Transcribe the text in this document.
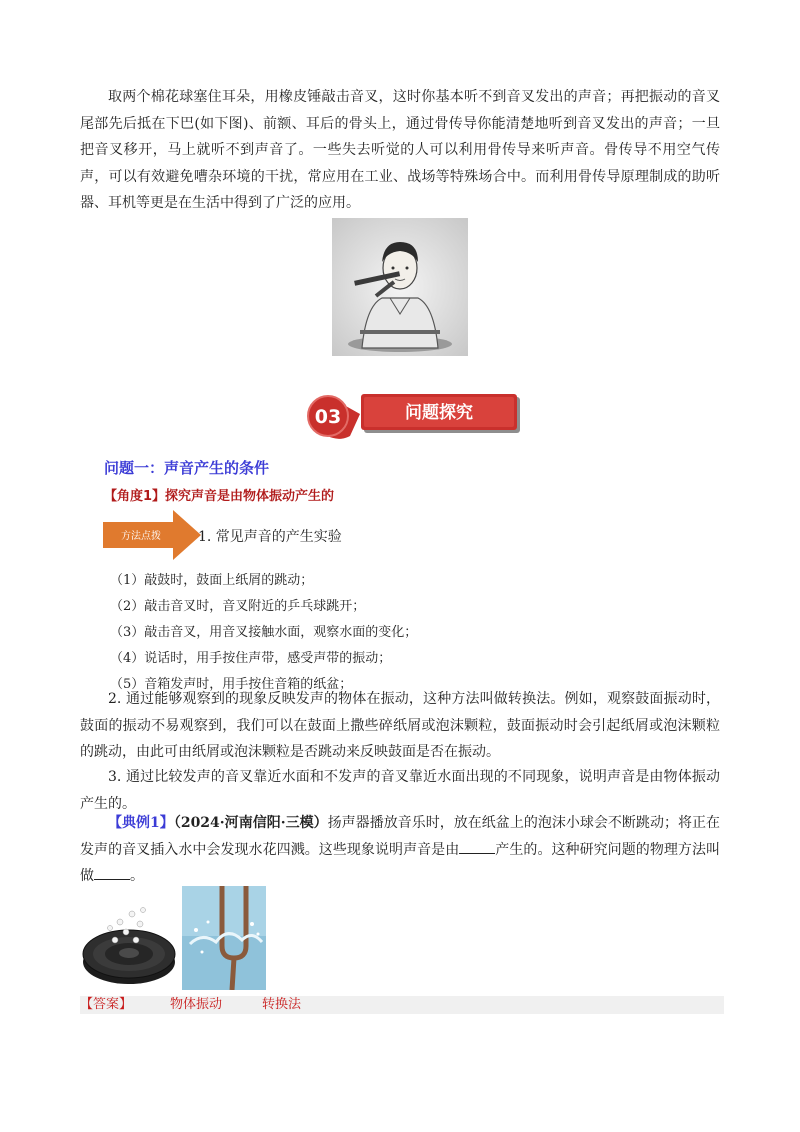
取两个棉花球塞住耳朵，用橡皮锤敲击音叉，这时你基本听不到音叉发出的声音；再把振动的音叉尾部先后抵在下巴(如下图)、前额、耳后的骨头上，通过骨传导你能清楚地听到音叉发出的声音；一旦把音叉移开，马上就听不到声音了。一些失去听觉的人可以利用骨传导来听声音。骨传导不用空气传声，可以有效避免嘈杂环境的干扰，常应用在工业、战场等特殊场合中。而利用骨传导原理制成的助听器、耳机等更是在生活中得到了广泛的应用。

03	问题探究
问题一：声音产生的条件
【角度1】探究声音是由物体振动产生的
方法点拨	1. 常见声音的产生实验
（1）敲鼓时，鼓面上纸屑的跳动；
（2）敲击音叉时，音叉附近的乒乓球跳开；
（3）敲击音叉，用音叉接触水面，观察水面的变化；
（4）说话时，用手按住声带，感受声带的振动；
（5）音箱发声时，用手按住音箱的纸盆；

2. 通过能够观察到的现象反映发声的物体在振动，这种方法叫做转换法。例如，观察鼓面振动时，鼓面的振动不易观察到，我们可以在鼓面上撒些碎纸屑或泡沫颗粒，鼓面振动时会引起纸屑或泡沫颗粒的跳动，由此可由纸屑或泡沫颗粒是否跳动来反映鼓面是否在振动。

3. 通过比较发声的音叉靠近水面和不发声的音叉靠近水面出现的不同现象，说明声音是由物体振动产生的。

【典例1】（2024·河南信阳·三模）扬声器播放音乐时，放在纸盆上的泡沫小球会不断跳动；将正在发声的音叉插入水中会发现水花四溅。这些现象说明声音是由	产生的。这种研究问题的物理方法叫做	。

【答案】	物体振动	转换法
